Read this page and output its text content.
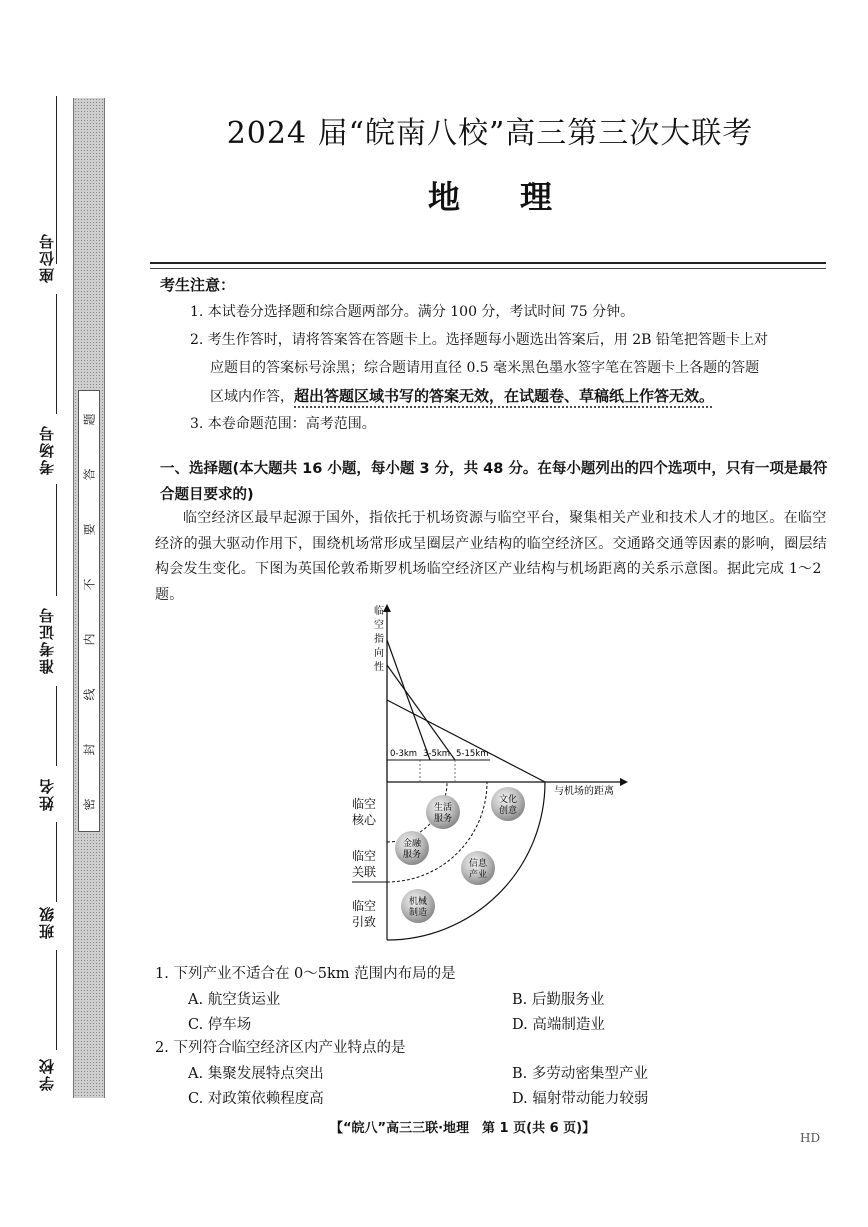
座位号
考场号
准考证号
姓名
班级
学校
密
封
线
内
不
要
答
题
2024 届“皖南八校”高三第三次大联考
地理
考生注意：
1. 本试卷分选择题和综合题两部分。满分 100 分，考试时间 75 分钟。
2. 考生作答时，请将答案答在答题卡上。选择题每小题选出答案后，用 2B 铅笔把答题卡上对
应题目的答案标号涂黑；综合题请用直径 0.5 毫米黑色墨水签字笔在答题卡上各题的答题
区域内作答，超出答题区域书写的答案无效，在试题卷、草稿纸上作答无效。
3. 本卷命题范围：高考范围。
一、选择题(本大题共 16 小题，每小题 3 分，共 48 分。在每小题列出的四个选项中，只有一项是最符合题目要求的)
临空经济区最早起源于国外，指依托于机场资源与临空平台，聚集相关产业和技术人才的地区。在临空经济的强大驱动作用下，围绕机场常形成呈圈层产业结构的临空经济区。交通路交通等因素的影响，圈层结构会发生变化。下图为英国伦敦希斯罗机场临空经济区产业结构与机场距离的关系示意图。据此完成 1～2 题。
临
空
指
向
性
0-3km 3-5km 5-15km
与机场的距离
临空
核心
临空
关联
临空
引致
生活
服务
文化
创意
金融
服务
信息
产业
机械
制造
1. 下列产业不适合在 0～5km 范围内布局的是
A. 航空货运业	B. 后勤服务业
C. 停车场	D. 高端制造业
2. 下列符合临空经济区内产业特点的是
A. 集聚发展特点突出	B. 多劳动密集型产业
C. 对政策依赖程度高	D. 辐射带动能力较弱
【“皖八”高三三联·地理　第 1 页(共 6 页)】
HD
